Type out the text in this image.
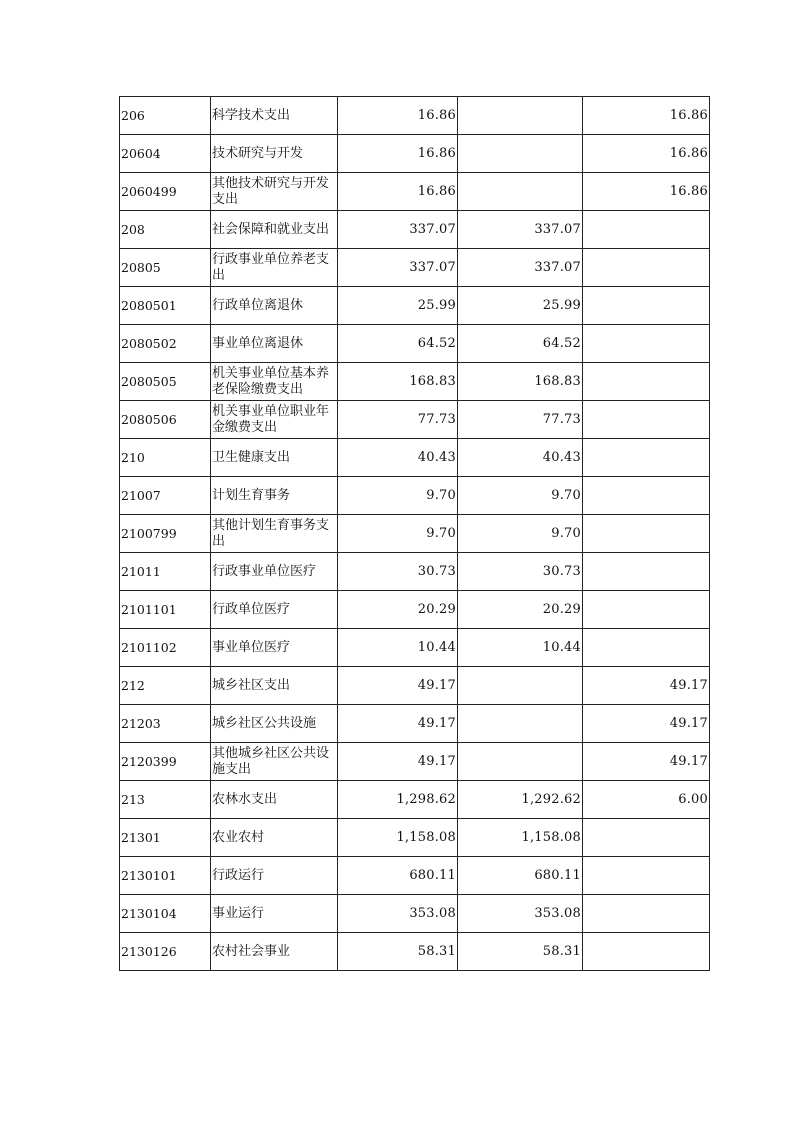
206	科学技术支出	16.86		16.86
20604	技术研究与开发	16.86		16.86
2060499	其他技术研究与开发支出	16.86		16.86
208	社会保障和就业支出	337.07	337.07	
20805	行政事业单位养老支出	337.07	337.07	
2080501	行政单位离退休	25.99	25.99	
2080502	事业单位离退休	64.52	64.52	
2080505	机关事业单位基本养老保险缴费支出	168.83	168.83	
2080506	机关事业单位职业年金缴费支出	77.73	77.73	
210	卫生健康支出	40.43	40.43	
21007	计划生育事务	9.70	9.70	
2100799	其他计划生育事务支出	9.70	9.70	
21011	行政事业单位医疗	30.73	30.73	
2101101	行政单位医疗	20.29	20.29	
2101102	事业单位医疗	10.44	10.44	
212	城乡社区支出	49.17		49.17
21203	城乡社区公共设施	49.17		49.17
2120399	其他城乡社区公共设施支出	49.17		49.17
213	农林水支出	1,298.62	1,292.62	6.00
21301	农业农村	1,158.08	1,158.08	
2130101	行政运行	680.11	680.11	
2130104	事业运行	353.08	353.08	
2130126	农村社会事业	58.31	58.31	
